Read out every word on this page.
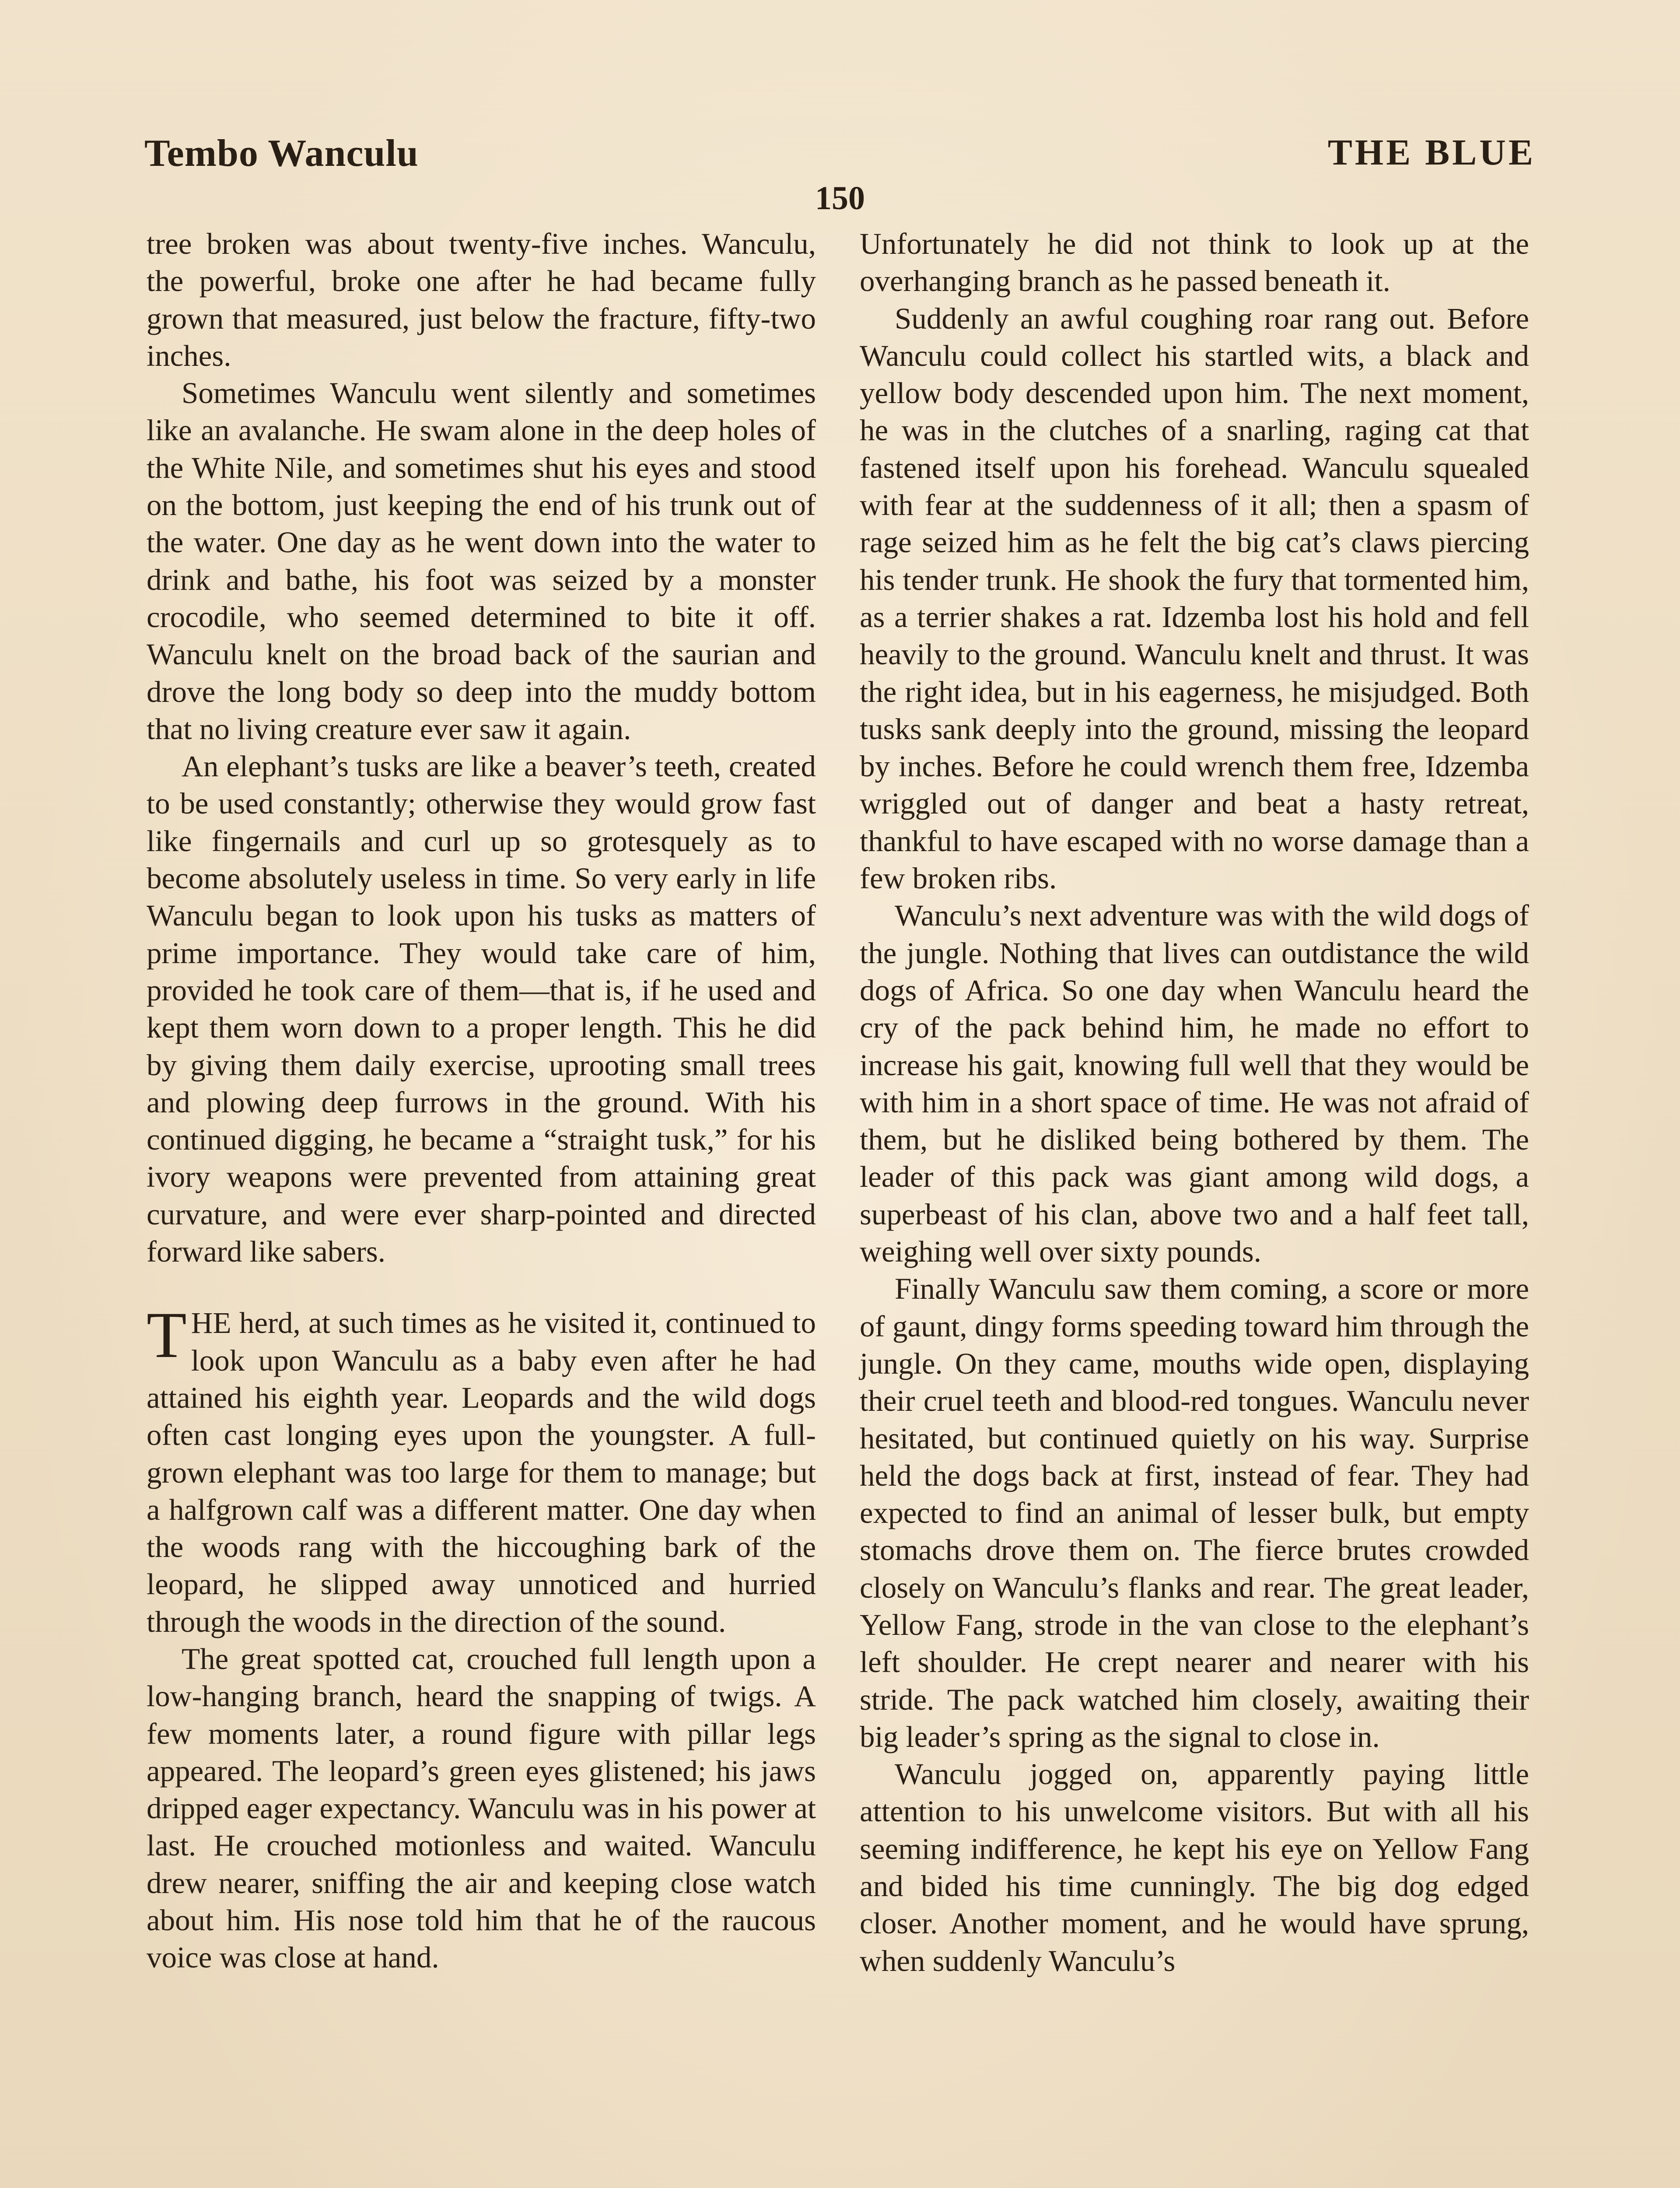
Tembo Wanculu	THE BLUE
150

tree broken was about twenty-five inches. Wanculu, the powerful, broke one after he had became fully grown that measured, just below the fracture, fifty-two inches.

Sometimes Wanculu went silently and sometimes like an avalanche. He swam alone in the deep holes of the White Nile, and sometimes shut his eyes and stood on the bottom, just keeping the end of his trunk out of the water. One day as he went down into the water to drink and bathe, his foot was seized by a monster crocodile, who seemed determined to bite it off. Wanculu knelt on the broad back of the saurian and drove the long body so deep into the muddy bottom that no living creature ever saw it again.

An elephant’s tusks are like a beaver’s teeth, created to be used constantly; otherwise they would grow fast like fingernails and curl up so grotesquely as to become absolutely useless in time. So very early in life Wanculu began to look upon his tusks as matters of prime importance. They would take care of him, provided he took care of them—that is, if he used and kept them worn down to a proper length. This he did by giving them daily exercise, uprooting small trees and plowing deep furrows in the ground. With his continued digging, he became a “straight tusk,” for his ivory weapons were prevented from attaining great curvature, and were ever sharp-pointed and directed forward like sabers.

THE herd, at such times as he visited it, continued to look upon Wanculu as a baby even after he had attained his eighth year. Leopards and the wild dogs often cast longing eyes upon the youngster. A full-grown elephant was too large for them to manage; but a halfgrown calf was a different matter. One day when the woods rang with the hiccoughing bark of the leopard, he slipped away unnoticed and hurried through the woods in the direction of the sound.

The great spotted cat, crouched full length upon a low-hanging branch, heard the snapping of twigs. A few moments later, a round figure with pillar legs appeared. The leopard’s green eyes glistened; his jaws dripped eager expectancy. Wanculu was in his power at last. He crouched motionless and waited. Wanculu drew nearer, sniffing the air and keeping close watch about him. His nose told him that he of the raucous voice was close at hand.

Unfortunately he did not think to look up at the overhanging branch as he passed beneath it.

Suddenly an awful coughing roar rang out. Before Wanculu could collect his startled wits, a black and yellow body descended upon him. The next moment, he was in the clutches of a snarling, raging cat that fastened itself upon his forehead. Wanculu squealed with fear at the suddenness of it all; then a spasm of rage seized him as he felt the big cat’s claws piercing his tender trunk. He shook the fury that tormented him, as a terrier shakes a rat. Idzemba lost his hold and fell heavily to the ground. Wanculu knelt and thrust. It was the right idea, but in his eagerness, he misjudged. Both tusks sank deeply into the ground, missing the leopard by inches. Before he could wrench them free, Idzemba wriggled out of danger and beat a hasty retreat, thankful to have escaped with no worse damage than a few broken ribs.

Wanculu’s next adventure was with the wild dogs of the jungle. Nothing that lives can outdistance the wild dogs of Africa. So one day when Wanculu heard the cry of the pack behind him, he made no effort to increase his gait, knowing full well that they would be with him in a short space of time. He was not afraid of them, but he disliked being bothered by them. The leader of this pack was giant among wild dogs, a superbeast of his clan, above two and a half feet tall, weighing well over sixty pounds.

Finally Wanculu saw them coming, a score or more of gaunt, dingy forms speeding toward him through the jungle. On they came, mouths wide open, displaying their cruel teeth and blood-red tongues. Wanculu never hesitated, but continued quietly on his way. Surprise held the dogs back at first, instead of fear. They had expected to find an animal of lesser bulk, but empty stomachs drove them on. The fierce brutes crowded closely on Wanculu’s flanks and rear. The great leader, Yellow Fang, strode in the van close to the elephant’s left shoulder. He crept nearer and nearer with his stride. The pack watched him closely, awaiting their big leader’s spring as the signal to close in.

Wanculu jogged on, apparently paying little attention to his unwelcome visitors. But with all his seeming indifference, he kept his eye on Yellow Fang and bided his time cunningly. The big dog edged closer. Another moment, and he would have sprung, when suddenly Wanculu’s
